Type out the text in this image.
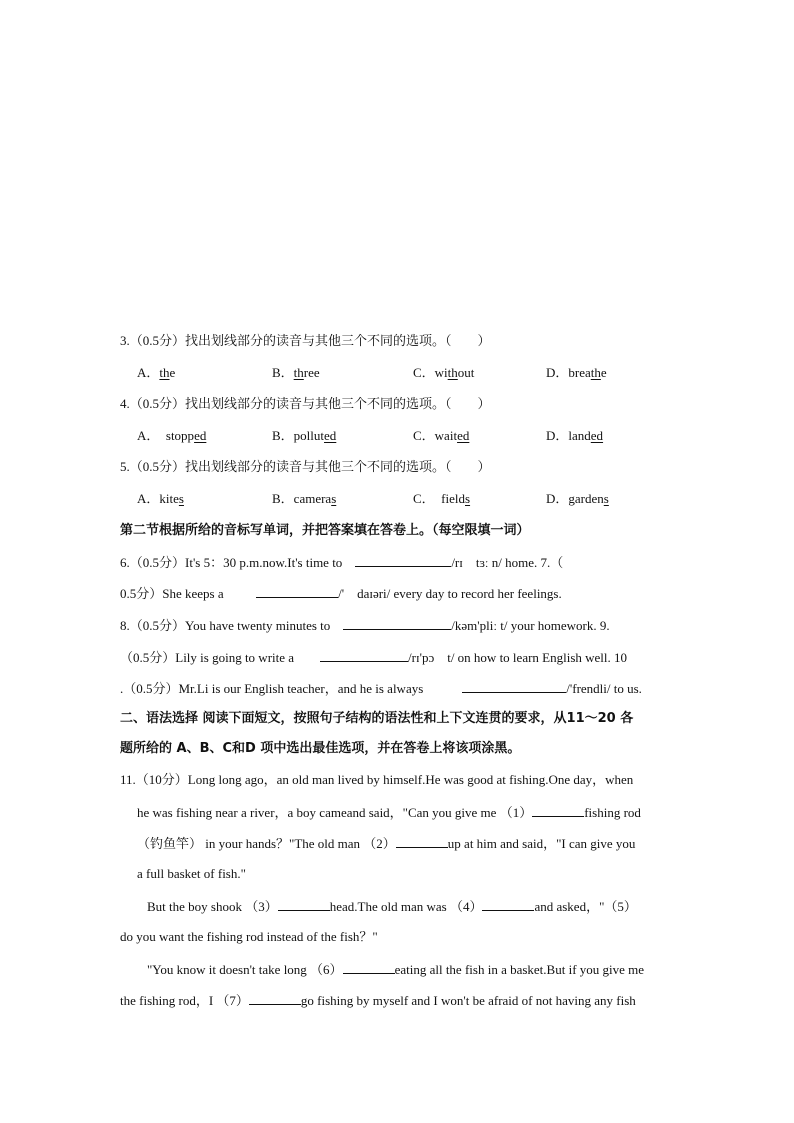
3.（0.5分）找出划线部分的读音与其他三个不同的选项。（　　）
A．the	B．three	C．without	D．breathe
4.（0.5分）找出划线部分的读音与其他三个不同的选项。（　　）
A． stopped	B．polluted	C．waited	D．landed
5.（0.5分）找出划线部分的读音与其他三个不同的选项。（　　）
A．kites	B．cameras	C． fields	D．gardens
第二节根据所给的音标写单词，并把答案填在答卷上。（每空限填一词）
6.（0.5分）It's 5：30 p.m.now.It's time to	/rɪ　tɜː n/ home. 7.（
0.5分）She keeps a	/'　daɪəri/ every day to record her feelings.
8.（0.5分）You have twenty minutes to	/kəm'pliː t/ your homework. 9.
（0.5分）Lily is going to write a	/rɪ'pɔ　t/ on how to learn English well. 10
.（0.5分）Mr.Li is our English teacher，and he is always	/'frendli/ to us.
二、语法选择 阅读下面短文，按照句子结构的语法性和上下文连贯的要求，从11～20 各
题所给的 A、B、C和D 项中选出最佳选项，并在答卷上将该项涂黑。
11.（10分）Long long ago，an old man lived by himself.He was good at fishing.One day，when
he was fishing near a river，a boy cameand said，"Can you give me （1）	fishing rod
（钓鱼竿） in your hands？"The old man （2）	up at him and said，"I can give you
a full basket of fish."
But the boy shook （3）	head.The old man was （4）	and asked，"（5）
do you want the fishing rod instead of the fish？"
"You know it doesn't take long （6）	eating all the fish in a basket.But if you give me
the fishing rod，I （7）	go fishing by myself and I won't be afraid of not having any fish
